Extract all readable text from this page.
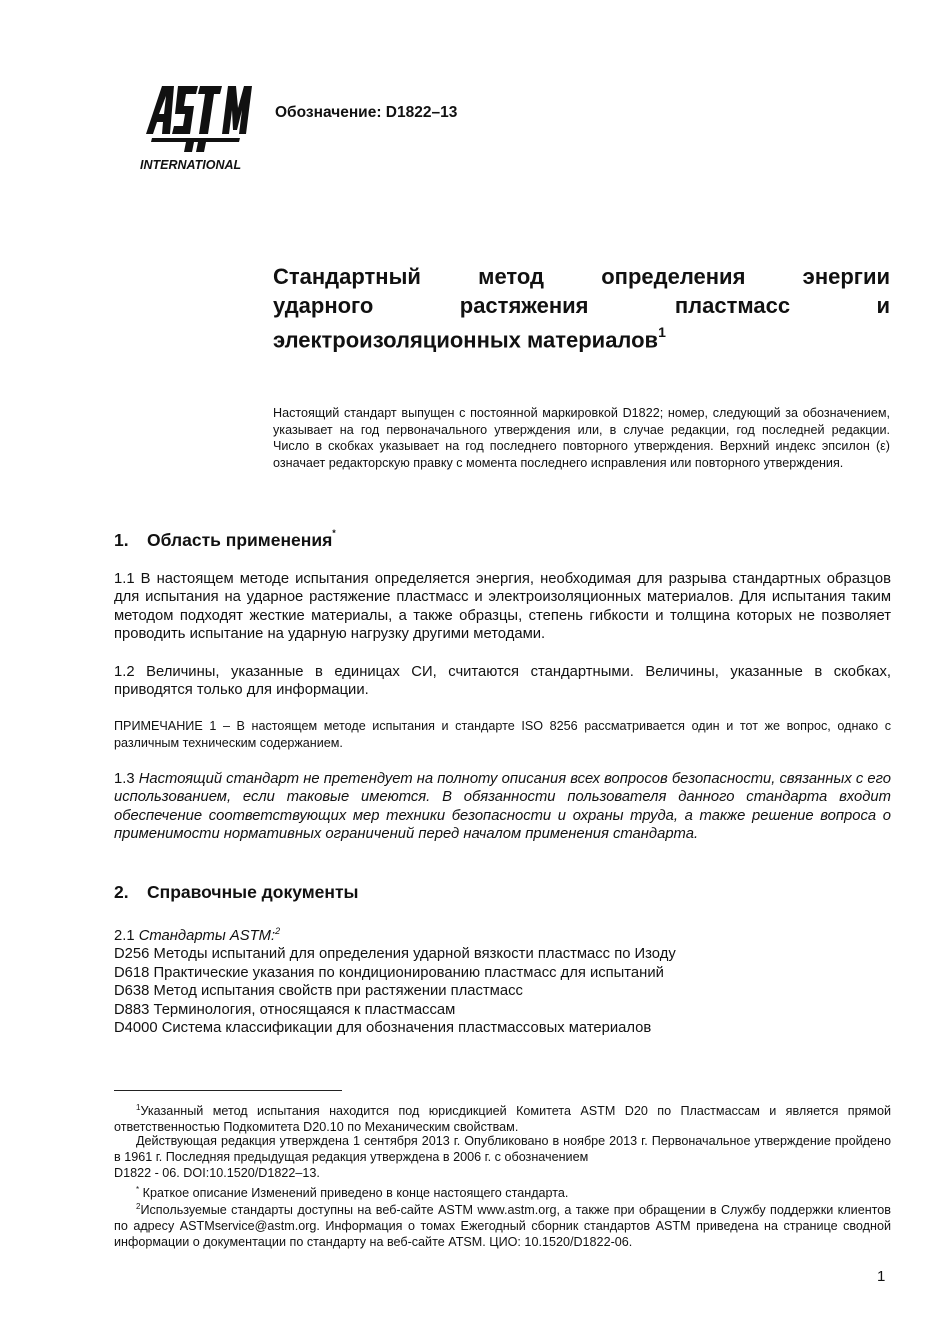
INTERNATIONAL
Обозначение: D1822–13
Стандартный метод определения энергии
ударного растяжения пластмасс и
электроизоляционных материалов$^1$
Настоящий стандарт выпущен с постоянной маркировкой D1822; номер, следующий за обозначением, указывает на год первоначального утверждения или, в случае редакции, год последней редакции. Число в скобках указывает на год последнего повторного утверждения. Верхний индекс эпсилон (ε) означает редакторскую правку с момента последнего исправления или повторного утверждения.
1. Область применения*
1.1 В настоящем методе испытания определяется энергия, необходимая для разрыва стандартных образцов для испытания на ударное растяжение пластмасс и электроизоляционных материалов. Для испытания таким методом подходят жесткие материалы, а также образцы, степень гибкости и толщина которых не позволяет проводить испытание на ударную нагрузку другими методами.
1.2 Величины, указанные в единицах СИ, считаются стандартными. Величины, указанные в скобках, приводятся только для информации.
ПРИМЕЧАНИЕ 1 – В настоящем методе испытания и стандарте ISO 8256 рассматривается один и тот же вопрос, однако с различным техническим содержанием.
1.3 Настоящий стандарт не претендует на полноту описания всех вопросов безопасности, связанных с его использованием, если таковые имеются. В обязанности пользователя данного стандарта входит обеспечение соответствующих мер техники безопасности и охраны труда, а также решение вопроса о применимости нормативных ограничений перед началом применения стандарта.
2. Справочные документы
2.1 Стандарты ASTM:$^2$
D256 Методы испытаний для определения ударной вязкости пластмасс по Изоду
D618 Практические указания по кондиционированию пластмасс для испытаний
D638 Метод испытания свойств при растяжении пластмасс
D883 Терминология, относящаяся к пластмассам
D4000 Система классификации для обозначения пластмассовых материалов
$^1$Указанный метод испытания находится под юрисдикцией Комитета ASTM D20 по Пластмассам и является прямой ответственностью Подкомитета D20.10 по Механическим свойствам.
Действующая редакция утверждена 1 сентября 2013 г. Опубликовано в ноябре 2013 г. Первоначальное утверждение пройдено в 1961 г. Последняя предыдущая редакция утверждена в 2006 г. с обозначением
D1822 - 06. DOI:10.1520/D1822–13.
* Краткое описание Изменений приведено в конце настоящего стандарта.
$^2$Используемые стандарты доступны на веб-сайте ASTM www.astm.org, а также при обращении в Службу поддержки клиентов по адресу ASTMservice@astm.org. Информация о томах Ежегодный сборник стандартов ASTM приведена на странице сводной информации о документации по стандарту на веб-сайте ATSM. ЦИО: 10.1520/D1822-06.
1
